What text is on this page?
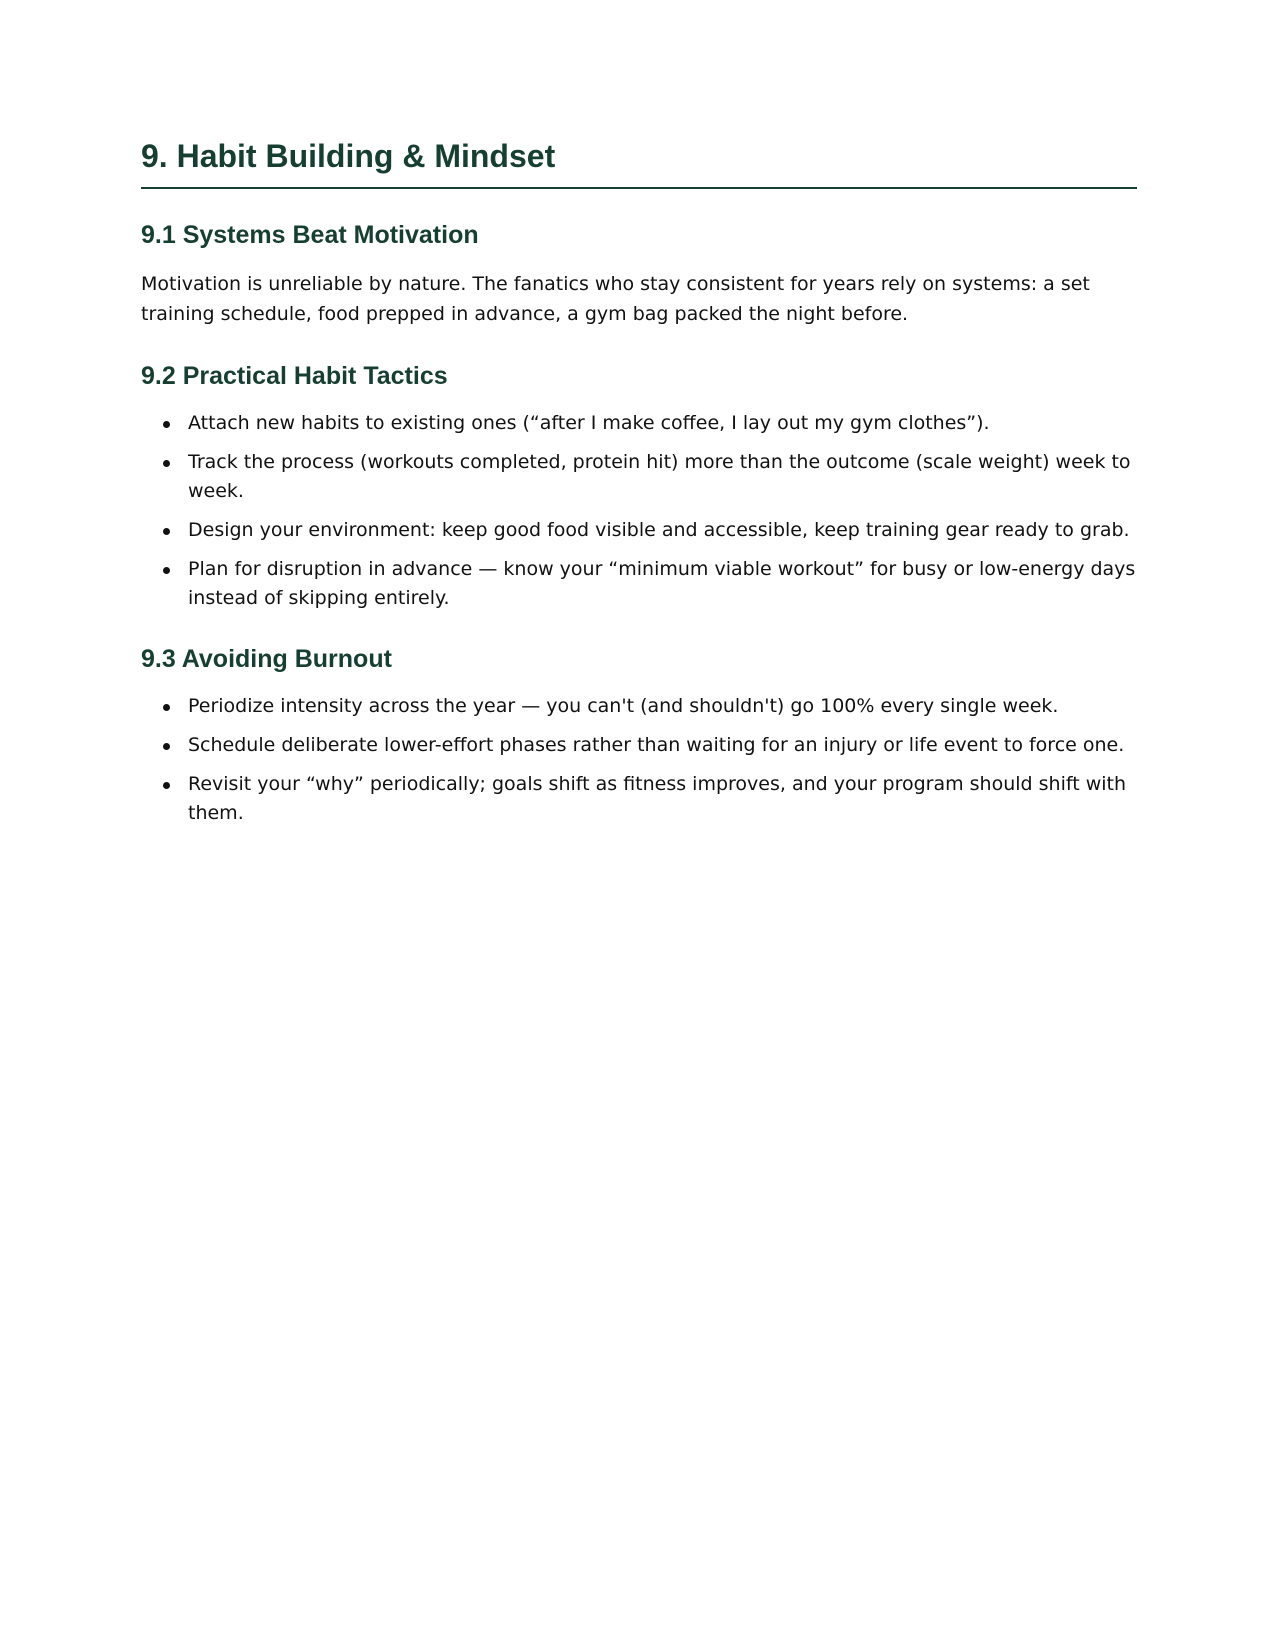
9. Habit Building & Mindset
9.1 Systems Beat Motivation

Motivation is unreliable by nature. The fanatics who stay consistent for years rely on systems: a set training schedule, food prepped in advance, a gym bag packed the night before.

9.2 Practical Habit Tactics
Attach new habits to existing ones (“after I make coffee, I lay out my gym clothes”).
Track the process (workouts completed, protein hit) more than the outcome (scale weight) week to week.
Design your environment: keep good food visible and accessible, keep training gear ready to grab.
Plan for disruption in advance — know your “minimum viable workout” for busy or low-energy days instead of skipping entirely.
9.3 Avoiding Burnout
Periodize intensity across the year — you can't (and shouldn't) go 100% every single week.
Schedule deliberate lower-effort phases rather than waiting for an injury or life event to force one.
Revisit your “why” periodically; goals shift as fitness improves, and your program should shift with them.
